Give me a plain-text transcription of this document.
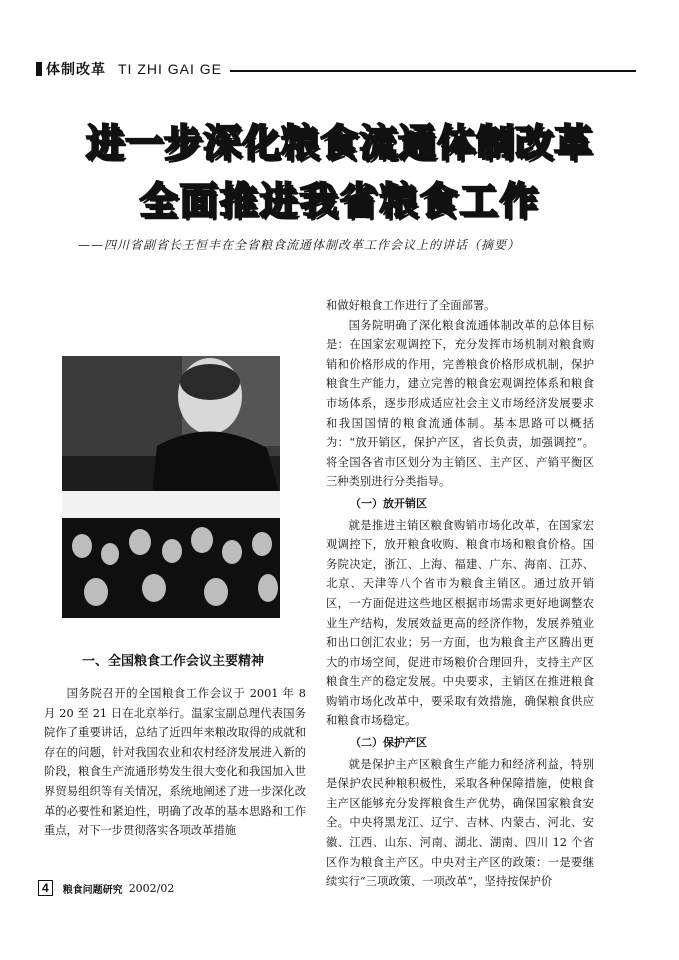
体制改革 TI ZHI GAI GE
进一步深化粮食流通体制改革
全面推进我省粮食工作
——四川省副省长王恒丰在全省粮食流通体制改革工作会议上的讲话（摘要）
一、全国粮食工作会议主要精神

国务院召开的全国粮食工作会议于 2001 年 8 月 20 至 21 日在北京举行。温家宝副总理代表国务院作了重要讲话，总结了近四年来粮改取得的成就和存在的问题，针对我国农业和农村经济发展进入新的阶段，粮食生产流通形势发生很大变化和我国加入世界贸易组织等有关情况，系统地阐述了进一步深化改革的必要性和紧迫性，明确了改革的基本思路和工作重点，对下一步贯彻落实各项改革措施

和做好粮食工作进行了全面部署。

国务院明确了深化粮食流通体制改革的总体目标是：在国家宏观调控下，充分发挥市场机制对粮食购销和价格形成的作用，完善粮食价格形成机制，保护粮食生产能力，建立完善的粮食宏观调控体系和粮食市场体系，逐步形成适应社会主义市场经济发展要求和我国国情的粮食流通体制。基本思路可以概括为：“放开销区，保护产区，省长负责，加强调控”。将全国各省市区划分为主销区、主产区、产销平衡区三种类别进行分类指导。

（一）放开销区

就是推进主销区粮食购销市场化改革，在国家宏观调控下，放开粮食收购、粮食市场和粮食价格。国务院决定，浙江、上海、福建、广东、海南、江苏、北京、天津等八个省市为粮食主销区。通过放开销区，一方面促进这些地区根据市场需求更好地调整农业生产结构，发展效益更高的经济作物，发展养殖业和出口创汇农业；另一方面，也为粮食主产区腾出更大的市场空间，促进市场粮价合理回升，支持主产区粮食生产的稳定发展。中央要求，主销区在推进粮食购销市场化改革中，要采取有效措施，确保粮食供应和粮食市场稳定。

（二）保护产区

就是保护主产区粮食生产能力和经济利益，特别是保护农民种粮积极性，采取各种保障措施，使粮食主产区能够充分发挥粮食生产优势，确保国家粮食安全。中央将黑龙江、辽宁、吉林、内蒙古、河北、安徽、江西、山东、河南、湖北、湖南、四川 12 个省区作为粮食主产区。中央对主产区的政策：一是要继续实行“三项政策、一项改革”，坚持按保护价

4	粮食问题研究 2002/02
